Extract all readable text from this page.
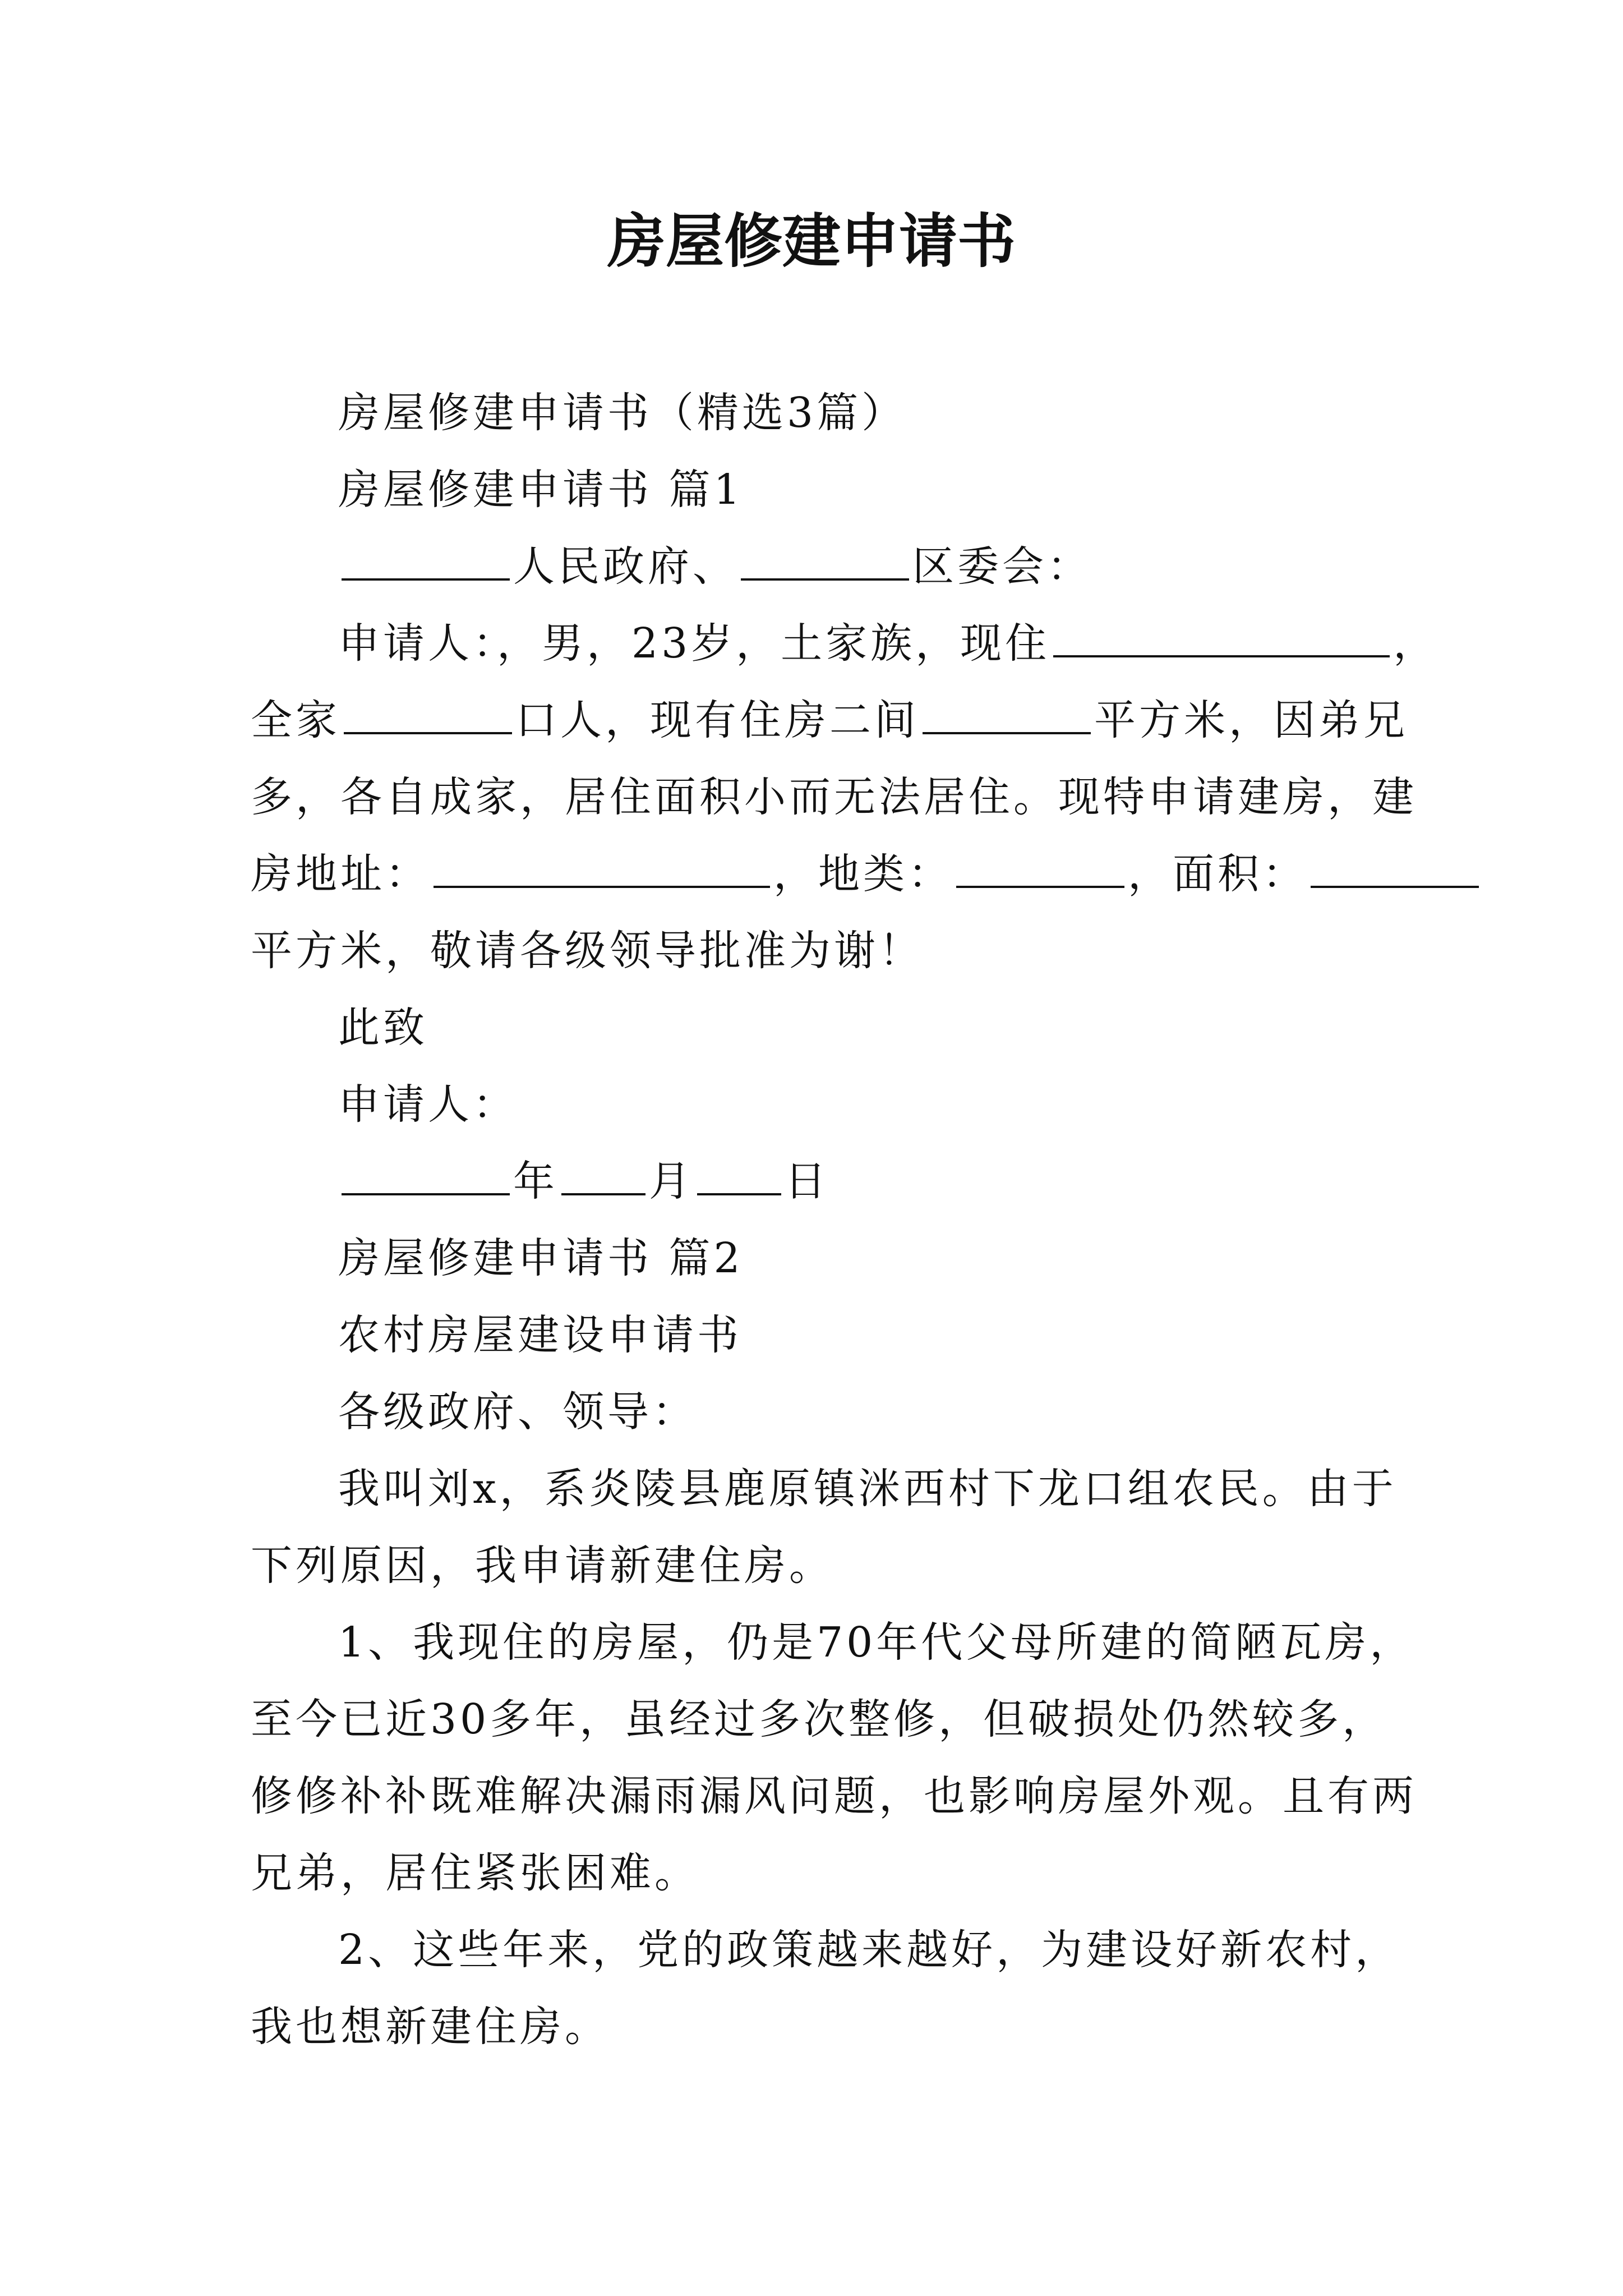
房屋修建申请书
房屋修建申请书（精选3篇）
房屋修建申请书 篇1
人民政府、	区委会：
申请人：，男，23岁，土家族，现住	，
全家	口人，现有住房二间	平方米，因弟兄
多，各自成家，居住面积小而无法居住。现特申请建房，建
房地址：	，地类：	，面积：
平方米，敬请各级领导批准为谢！
此致
申请人：
年 月 日
房屋修建申请书 篇2
农村房屋建设申请书
各级政府、领导：
我叫刘x，系炎陵县鹿原镇洣西村下龙口组农民。由于
下列原因，我申请新建住房。
1、我现住的房屋，仍是70年代父母所建的简陋瓦房，
至今已近30多年，虽经过多次整修，但破损处仍然较多，
修修补补既难解决漏雨漏风问题，也影响房屋外观。且有两
兄弟，居住紧张困难。
2、这些年来，党的政策越来越好，为建设好新农村，
我也想新建住房。
